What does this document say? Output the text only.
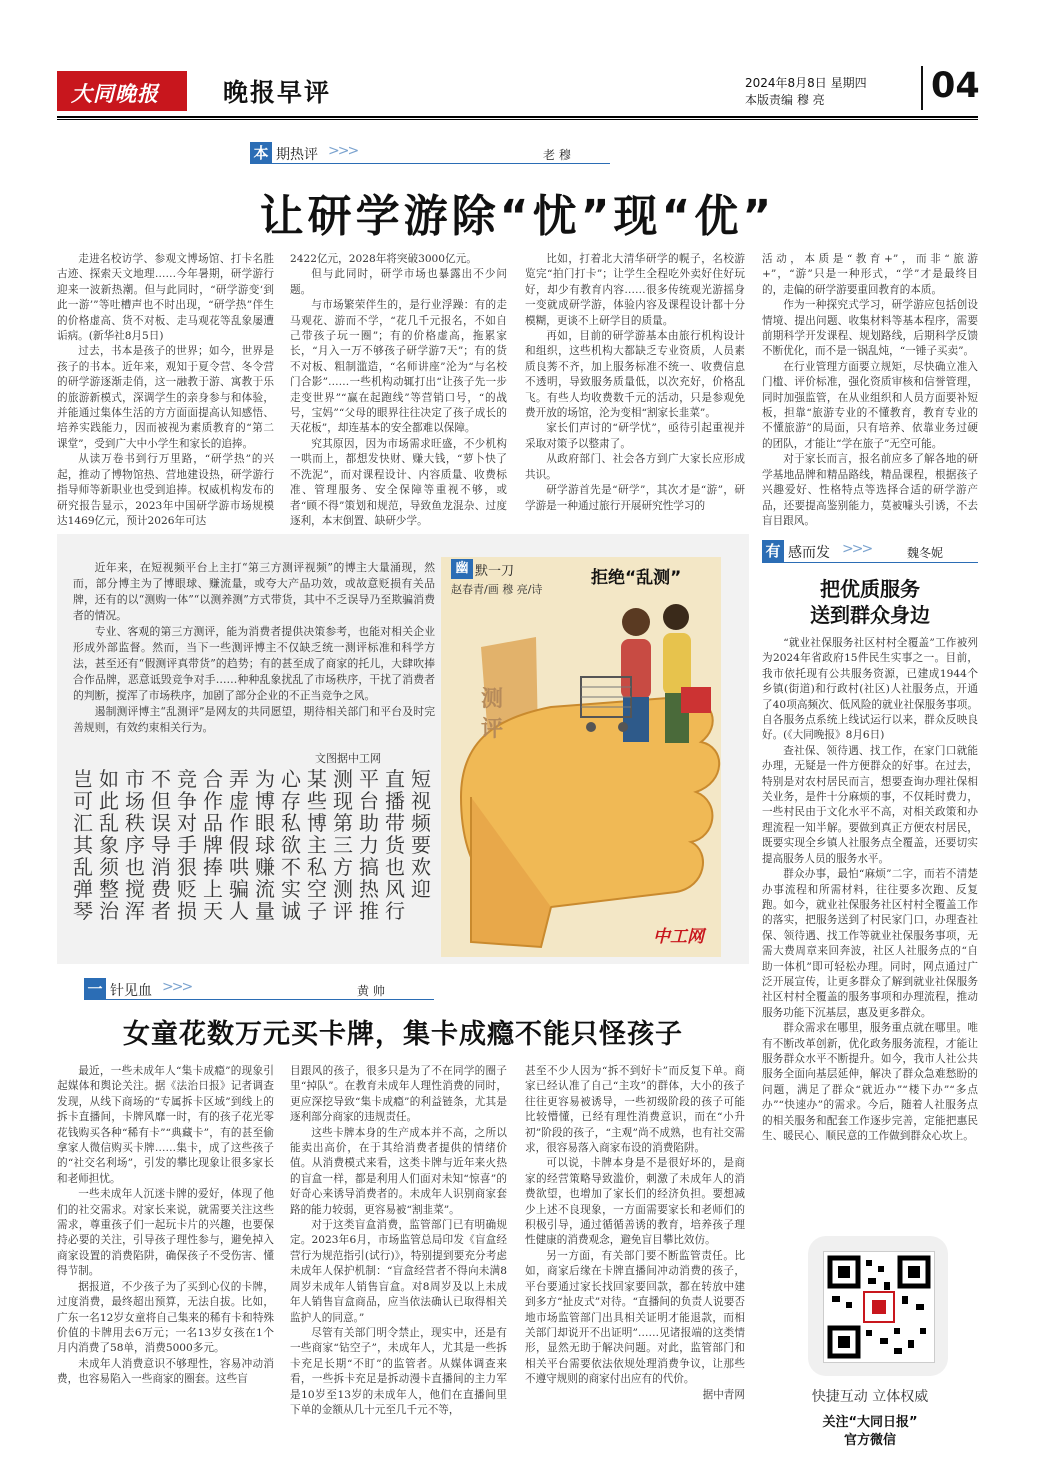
大同晚报	晚报早评	2024年8月8日 星期四
本版责编 穆 亮	04
本 期热评 >>>	老 穆
让研学游除“忧”现“优”

走进名校访学、参观文博场馆、打卡名胜古迹、探索天文地理……今年暑期，研学游行迎来一波新热潮。但与此同时，“研学游变‘到此一游’”等吐槽声也不时出现，“研学热”伴生的价格虚高、货不对板、走马观花等乱象屡遭诟病。(新华社8月5日)

过去，书本是孩子的世界；如今，世界是孩子的书本。近年来，观知于夏令营、冬令营的研学游逐渐走俏，这一融教于游、寓教于乐的旅游新模式，深调学生的亲身参与和体验，并能通过集体生活的方方面面提高认知感悟、培养实践能力，因而被视为素质教育的“第二课堂”，受到广大中小学生和家长的追捧。

从读万卷书到行万里路，“研学热”的兴起，推动了博物馆热、营地建设热，研学游行指导师等新职业也受到追捧。权威机构发布的研究报告显示，2023年中国研学游市场规模达1469亿元，预计2026年可达

2422亿元，2028年将突破3000亿元。

但与此同时，研学市场也暴露出不少问题。

与市场繁荣伴生的，是行业浮躁：有的走马观花、游而不学，“花几千元报名，不如自己带孩子玩一圈”；有的价格虚高，拖累家长，“月入一万不够孩子研学游7天”；有的货不对板、粗制滥造，“名师讲座”沦为“与名校门合影”……一些机构动辄打出“让孩子先一步走变世界”“赢在起跑线”等营销口号，“的战号，宝妈”“父母的眼界往往决定了孩子成长的天花板”，却连基本的安全都难以保障。

究其原因，因为市场需求旺盛，不少机构一哄而上，都想发快财、赚大钱，“萝卜快了不洗泥”，而对课程设计、内容质量、收费标准、管理服务、安全保障等重视不够，或者“顾不得”策划和规范，导致鱼龙混杂、过度逐利，本末倒置、缺研少学。

比如，打着北大清华研学的幌子，名校游览完“拍门打卡”；让学生全程吃外卖好住好玩好，却少有教育内容……很多传统观光游摇身一变就成研学游，体验内容及课程设计都十分模糊，更谈不上研学目的质量。

再如，目前的研学游基本由旅行机构设计和组织，这些机构大都缺乏专业资质，人员素质良莠不齐，加上服务标准不统一、收费信息不透明，导致服务质量低，以次充好，价格乱飞。有些人均收费数千元的活动，只是参观免费开放的场馆，沦为变相“割家长韭菜”。

家长们声讨的“研学忧”，亟待引起重视并采取对策予以整肃了。

从政府部门、社会各方到广大家长应形成共识。

研学游首先是“研学”，其次才是“游”，研学游是一种通过旅行开展研究性学习的

活动，本质是“教育+”，而非“旅游+”，“游”只是一种形式，“学”才是最终目的，走偏的研学游要重回教育的本质。

作为一种探究式学习，研学游应包括创设情境、提出问题、收集材料等基本程序，需要前期科学开发课程、规划路线，后期科学反馈不断优化，而不是一锅乱炖，“一锤子买卖”。

在行业管理方面要立规矩，尽快确立准入门槛、评价标准，强化资质审核和信誉管理，同时加强监管，在从业组织和人员方面要补短板，担靠“旅游专业的不懂教育，教育专业的不懂旅游”的局面，只有培养、依靠业务过硬的团队，才能让“学在旅子”无空可能。

对于家长而言，报名前应多了解各地的研学基地品牌和精品路线，精品课程，根据孩子兴趣爱好、性格特点等选择合适的研学游产品，还要提高鉴别能力，莫被噱头引诱，不去盲目跟风。

近年来，在短视频平台上主打“第三方测评视频”的博主大量涌现，然而，部分博主为了博眼球、赚流量，或夸大产品功效，或故意贬损有关品牌，还有的以“测购一体”“以测养测”方式带货，其中不乏误导乃至欺骗消费者的情况。

专业、客观的第三方测评，能为消费者提供决策参考，也能对相关企业形成外部监督。然而，当下一些测评博主不仅缺乏统一测评标准和科学方法，甚至还有“假测评真带货”的趋势；有的甚至成了商家的托儿，大肆吹捧合作品牌，恶意诋毁竞争对手……种种乱象扰乱了市场秩序，干扰了消费者的判断，搅浑了市场秩序，加剧了部分企业的不正当竞争之风。

遏制测评博主“乱测评”是网友的共同愿望，期待相关部门和平台及时完善规则，有效约束相关行为。

文图据中工网
短视频要欢迎
直播带货也风行
平台助力搞热推
测现第三方测评
某些博主私空子
心存私欲不实诚
为博眼球赚流量
弄虚作假哄骗人
合作品牌捧上天
竞争对手狠贬损
不但误导消费者
市场秩序也搅浑
如此乱象须整治
岂可汇其乱弹琴
幽 默一刀
赵春青/画 穆 亮/诗
拒绝“乱测”
测评
中工网
有 感而发 >>>	魏冬妮
把优质服务
送到群众身边

“就业社保服务社区村村全覆盖”工作被列为2024年省政府15件民生实事之一。目前，我市依托现有公共服务资源，已建成1944个乡镇(街道)和行政村(社区)人社服务点，开通了40项高频次、低风险的就业社保服务事项。自各服务点系统上线试运行以来，群众反映良好。(《大同晚报》8月6日)

查社保、领待遇、找工作，在家门口就能办理，无疑是一件方便群众的好事。在过去，特别是对农村居民而言，想要查询办理社保相关业务，是件十分麻烦的事，不仅耗时费力，一些村民由于文化水平不高，对相关政策和办理流程一知半解。要做到真正方便农村居民，既要实现全乡镇人社服务点全覆盖，还要切实提高服务人员的服务水平。

群众办事，最怕“麻烦”二字，而若不清楚办事流程和所需材料，往往要多次跑、反复跑。如今，就业社保服务社区村村全覆盖工作的落实，把服务送到了村民家门口，办理查社保、领待遇、找工作等就业社保服务事项，无需大费周章来回奔波，社区人社服务点的“自助一体机”即可轻松办理。同时，网点通过广泛开展宣传，让更多群众了解到就业社保服务社区村村全覆盖的服务事项和办理流程，推动服务功能下沉基层，惠及更多群众。

群众需求在哪里，服务重点就在哪里。唯有不断改革创新，优化政务服务流程，才能让服务群众水平不断提升。如今，我市人社公共服务全面向基层延伸，解决了群众急难愁盼的问题，满足了群众“就近办”“楼下办”“多点办”“快速办”的需求。今后，随着人社服务点的相关服务和配套工作逐步完善，定能把惠民生、暖民心、顺民意的工作做到群众心坎上。

快捷互动 立体权威
关注“大同日报”
官方微信
一 针见血 >>>	黄 帅
女童花数万元买卡牌，集卡成瘾不能只怪孩子

最近，一些未成年人“集卡成瘾”的现象引起媒体和舆论关注。据《法治日报》记者调查发现，从线下商场的“专属拆卡区域”到线上的拆卡直播间，卡牌风靡一时，有的孩子花光零花钱购买各种“稀有卡”“典藏卡”，有的甚至偷拿家人微信购买卡牌……集卡，成了这些孩子的“社交名利场”，引发的攀比现象让很多家长和老师担忧。

一些未成年人沉迷卡牌的爱好，体现了他们的社交需求。对家长来说，就需要关注这些需求，尊重孩子们一起玩卡片的兴趣，也要保持必要的关注，引导孩子理性参与，避免掉入商家设置的消费陷阱，确保孩子不受伤害、懂得节制。

据报道，不少孩子为了买到心仪的卡牌，过度消费，最终超出预算，无法自拔。比如，广东一名12岁女童将自己集来的稀有卡和特殊价值的卡牌用去6万元；一名13岁女孩在1个月内消费了58单，消费5000多元。

未成年人消费意识不够理性，容易冲动消费，也容易陷入一些商家的圈套。这些盲

目跟风的孩子，很多只是为了不在同学的圈子里“掉队”。在教育未成年人理性消费的同时，更应深挖导致“集卡成瘾”的利益链条，尤其是逐利部分商家的违规责任。

这些卡牌本身的生产成本并不高，之所以能卖出高价，在于其给消费者提供的情绪价值。从消费模式来看，这类卡牌与近年来火热的盲盒一样，都是利用人们面对未知“惊喜”的好奇心来诱导消费者的。未成年人识别商家套路的能力较弱，更容易被“割韭菜”。

对于这类盲盒消费，监管部门已有明确规定。2023年6月，市场监管总局印发《盲盒经营行为规范指引(试行)》，特别提到要充分考虑未成年人保护机制：“盲盒经营者不得向未满8周岁未成年人销售盲盒。对8周岁及以上未成年人销售盲盒商品，应当依法确认已取得相关监护人的同意。”

尽管有关部门明令禁止，现实中，还是有一些商家“钻空子”，未成年人，尤其是一些拆卡充足长期“不盯”的监管者。从媒体调查来看，一些拆卡充足是拆动漫卡直播间的主力军是10岁至13岁的未成年人，他们在直播间里下单的金额从几十元至几千元不等，

甚至不少人因为“拆不到好卡”而反复下单。商家已经认准了自己“主攻”的群体，大小的孩子往往更容易被诱导，一些初级阶段的孩子可能比较懵懂，已经有理性消费意识，而在“小升初”阶段的孩子，“主观”尚不成熟，也有社交需求，很容易落入商家布设的消费陷阱。

可以说，卡牌本身是不是很好坏的，是商家的经营策略导致滥价，刺激了未成年人的消费欲望，也增加了家长们的经济负担。要想减少上述不良现象，一方面需要家长和老师们的积极引导，通过循循善诱的教育，培养孩子理性健康的消费观念，避免盲目攀比效仿。

另一方面，有关部门要不断监管责任。比如，商家后缘在卡牌直播间冲动消费的孩子，平台要通过家长找回家要回款，都在转放中建到多方“扯皮式”对待。“直播间的负责人说要否地市场监管部门出具相关证明才能退款，而相关部门却说开不出证明”……见诸报端的这类情形，显然无助于解决问题。对此，监管部门和相关平台需要依法依规处理消费争议，让那些不遵守规则的商家付出应有的代价。

据中青网
